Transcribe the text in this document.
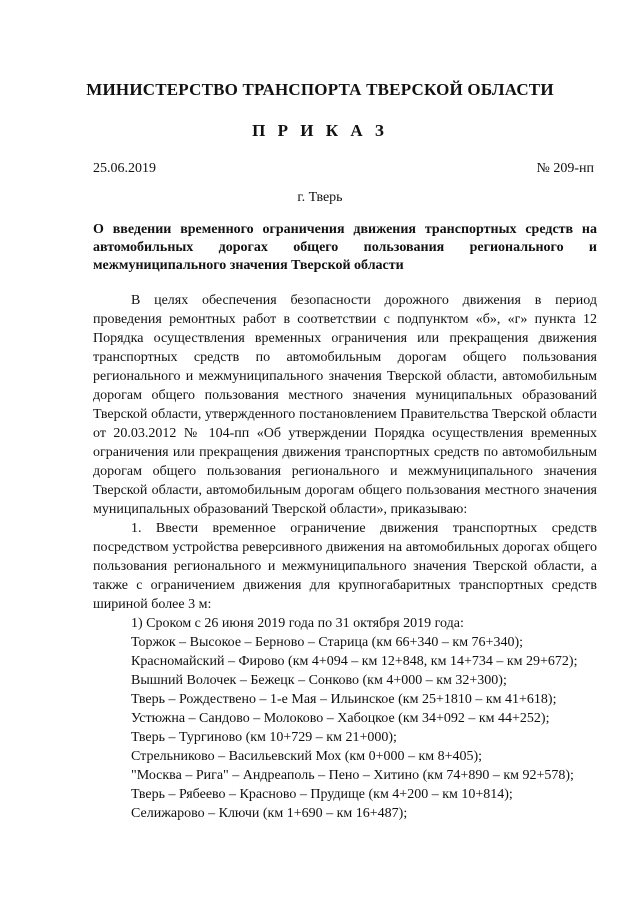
МИНИСТЕРСТВО ТРАНСПОРТА ТВЕРСКОЙ ОБЛАСТИ
П Р И К А З
25.06.2019	№ 209-нп
г. Тверь
О введении временного ограничения движения транспортных средств на автомобильных дорогах общего пользования регионального и межмуниципального значения Тверской области

В целях обеспечения безопасности дорожного движения в период проведения ремонтных работ в соответствии с подпунктом «б», «г» пункта 12 Порядка осуществления временных ограничения или прекращения движения транспортных средств по автомобильным дорогам общего пользования регионального и межмуниципального значения Тверской области, автомобильным дорогам общего пользования местного значения муниципальных образований Тверской области, утвержденного постановлением Правительства Тверской области от 20.03.2012 № 104-пп «Об утверждении Порядка осуществления временных ограничения или прекращения движения транспортных средств по автомобильным дорогам общего пользования регионального и межмуниципального значения Тверской области, автомобильным дорогам общего пользования местного значения муниципальных образований Тверской области», приказываю:

1. Ввести временное ограничение движения транспортных средств посредством устройства реверсивного движения на автомобильных дорогах общего пользования регионального и межмуниципального значения Тверской области, а также с ограничением движения для крупногабаритных транспортных средств шириной более 3 м:

1) Сроком с 26 июня 2019 года по 31 октября 2019 года:

Торжок – Высокое – Берново – Старица (км 66+340 – км 76+340);
Красномайский – Фирово (км 4+094 – км 12+848, км 14+734 – км 29+672);
Вышний Волочек – Бежецк – Сонково (км 4+000 – км 32+300);
Тверь – Рождествено – 1-е Мая – Ильинское (км 25+1810 – км 41+618);
Устюжна – Сандово – Молоково – Хабоцкое (км 34+092 – км 44+252);
Тверь – Тургиново (км 10+729 – км 21+000);
Стрельниково – Васильевский Мох (км 0+000 – км 8+405);
"Москва – Рига" – Андреаполь – Пено – Хитино (км 74+890 – км 92+578);
Тверь – Рябеево – Красново – Прудище (км 4+200 – км 10+814);
Селижарово – Ключи (км 1+690 – км 16+487);
